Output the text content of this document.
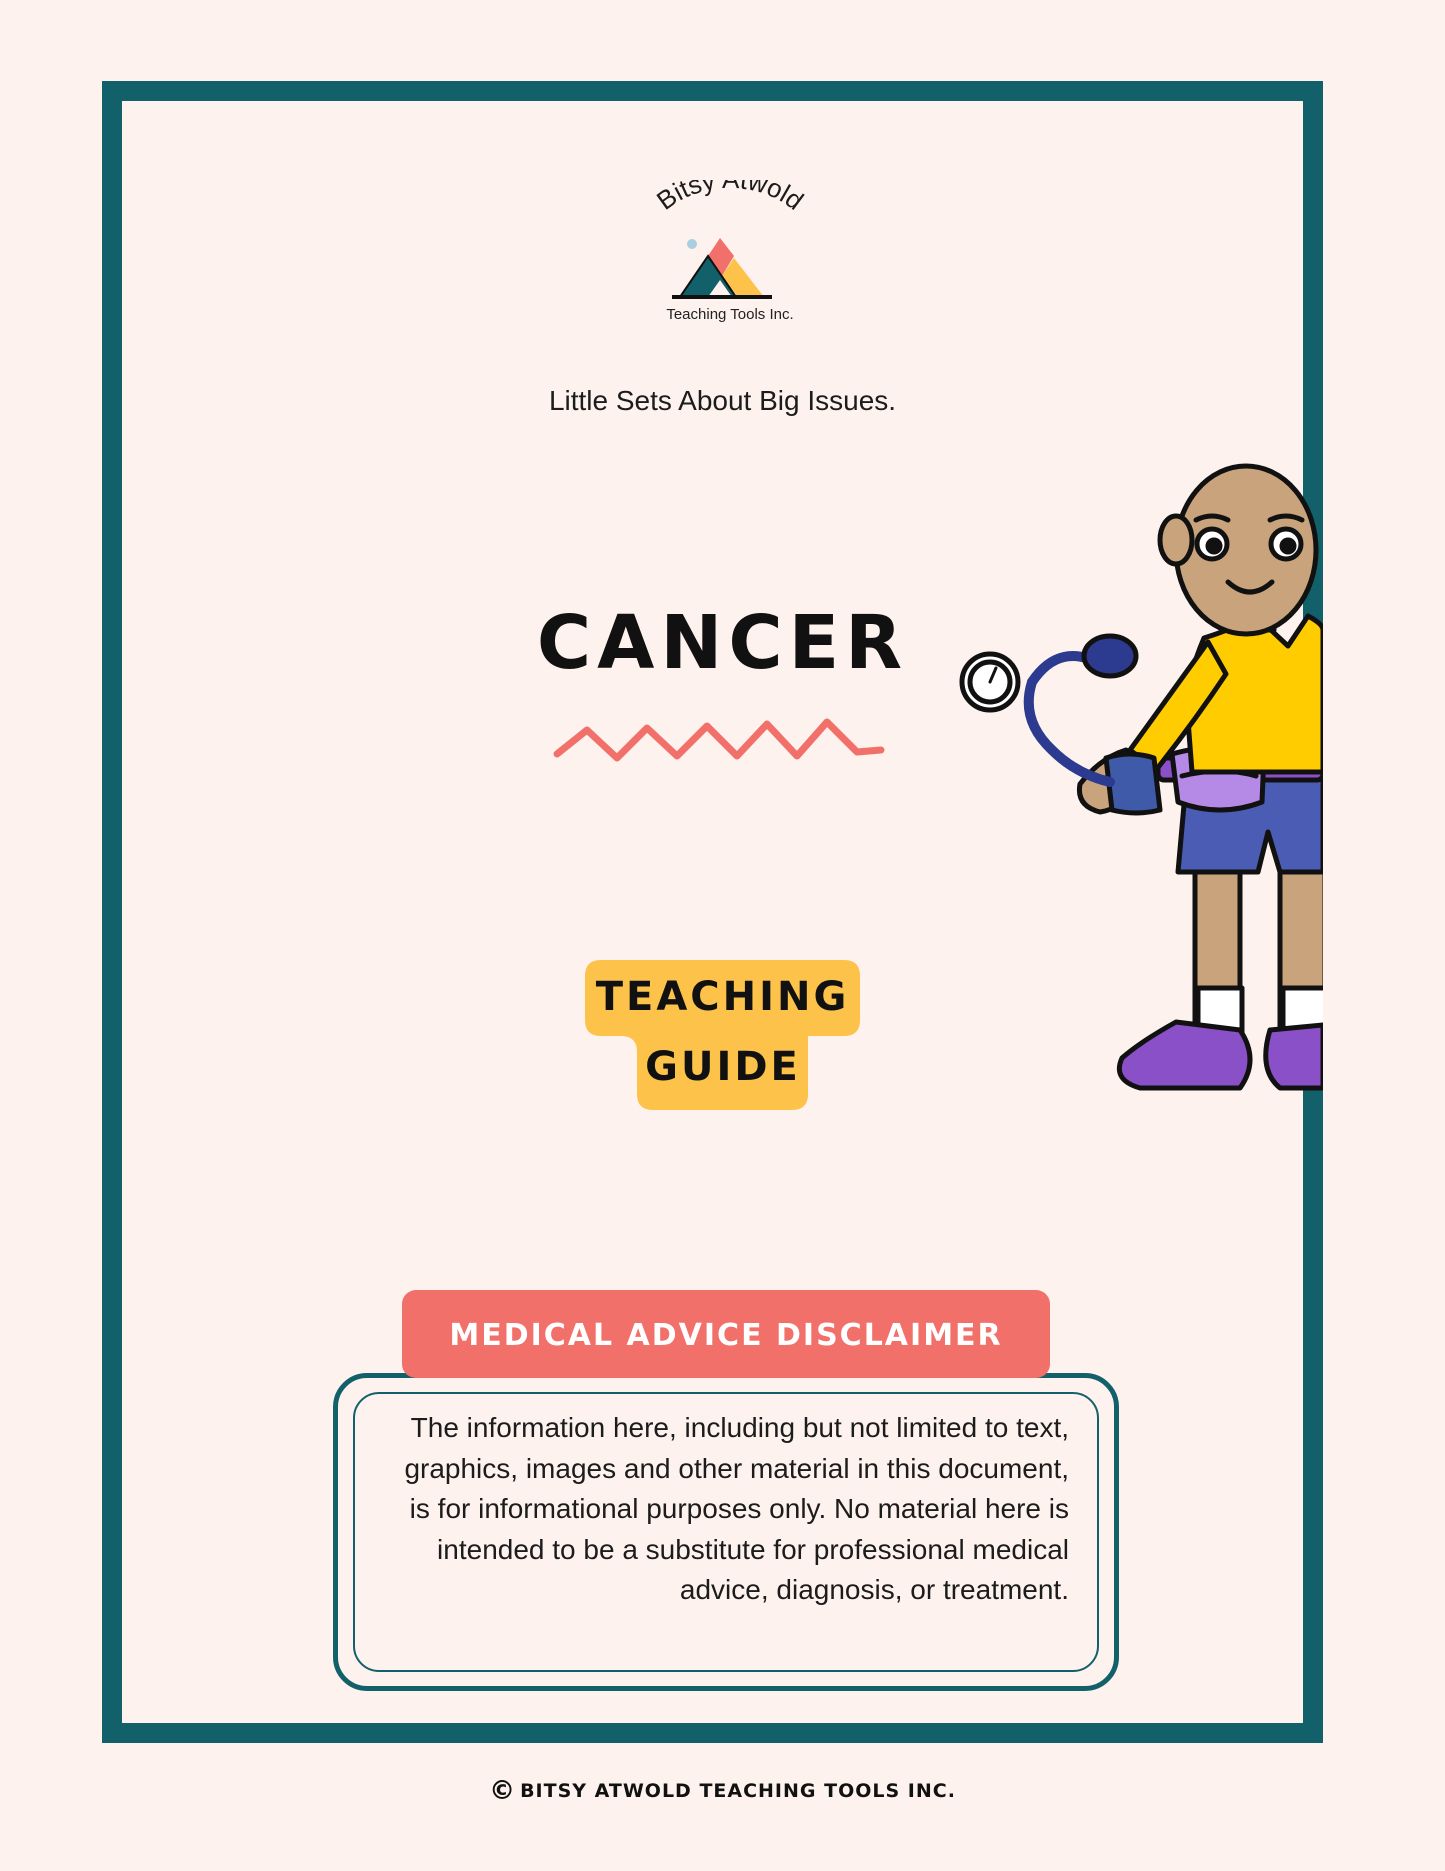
Bitsy wold

Teaching Tools Inc.

Little Sets About Big Issues.

CANCER

TEACHING

GUIDE

MEDICAL ADVICE DISCLAIMER

The information here, including but not limited to text, graphics, images and other material in this document, is for informational purposes only. No material here is intended to be a substitute for professional medical advice, diagnosis, or treatment.

© BITSY ATWOLD TEACHING TOOLS INC.
